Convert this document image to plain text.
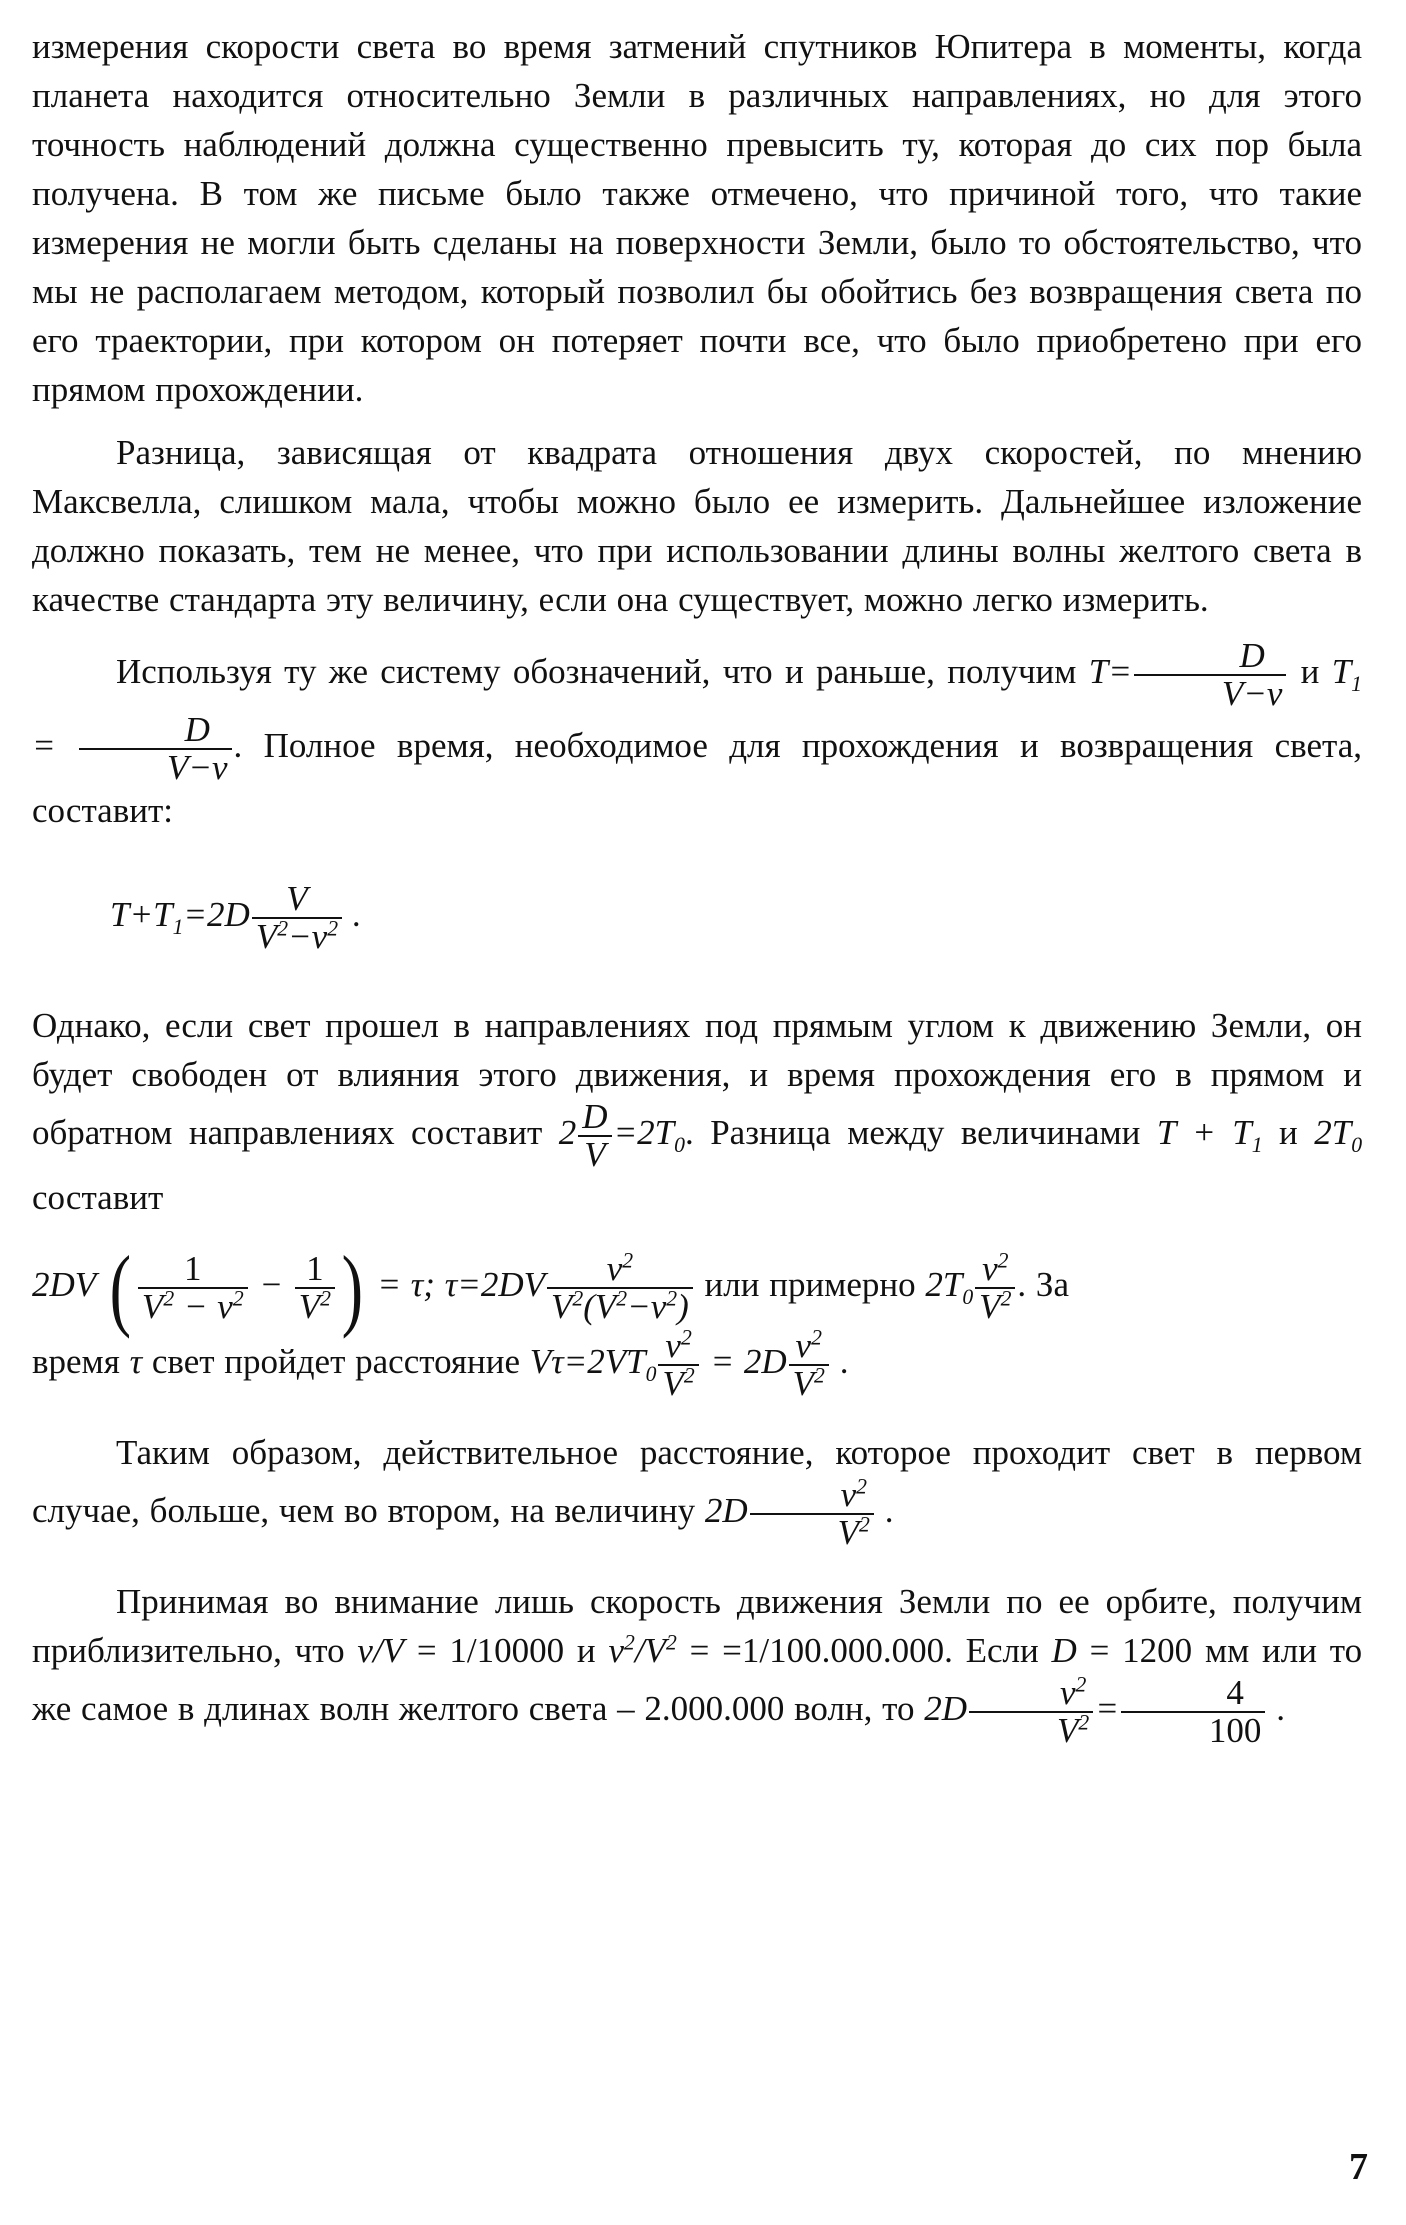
измерения скорости света во время затмений спутников Юпитера в моменты, когда планета находится относительно Земли в различных направлениях, но для этого точность наблюдений должна существенно превысить ту, которая до сих пор была получена. В том же письме было также отмечено, что причиной того, что такие измерения не могли быть сделаны на поверхности Земли, было то обстоятельство, что мы не располагаем методом, который позволил бы обойтись без возвращения света по его траектории, при котором он потеряет почти все, что было приобретено при его прямом прохождении.

Разница, зависящая от квадрата отношения двух скоростей, по мнению Максвелла, слишком мала, чтобы можно было ее измерить. Дальнейшее изложение должно показать, тем не менее, что при использовании длины волны желтого света в качестве стандарта эту величину, если она существует, можно легко измерить.

Используя ту же систему обозначений, что и раньше, получим $T= \frac{D}{V-v}$ и $T_1 = \frac{D}{V-v}$ . Полное время, необходимое для прохождения и возвращения света, составит:

$T+T_1=2D \frac{V}{V^2-v^2}$ .

Однако, если свет прошел в направлениях под прямым углом к движению Земли, он будет свободен от влияния этого движения, и время прохождения его в прямом и обратном направлениях составит $2 \frac{D}{V} =2T_0$. Разница между величинами $T + T_1$ и $2T_0$ составит

2DV ( $\frac{1}{V^2 - v^2} - \frac{1}{V^2}$ ) = τ; $\tau=2DV \frac{v^2}{V^2(V^2-v^2)}$ или примерно $2T_0 \frac{v^2}{V^2}$ . За
время τ свет пройдет расстояние $V\tau=2VT_0 \frac{v^2}{V^2} = 2D \frac{v^2}{V^2}$ .

Таким образом, действительное расстояние, которое проходит свет в первом случае, больше, чем во втором, на величину $2D \frac{v^2}{V^2}$ .

Принимая во внимание лишь скорость движения Земли по ее орбите, получим приблизительно, что v/V = 1/10000 и $v^2/V^2 = =1/100.000.000$. Если D = 1200 мм или то же самое в длинах волн желтого света – 2.000.000 волн, то $2D \frac{v^2}{V^2} = \frac{4}{100}$ .

7
